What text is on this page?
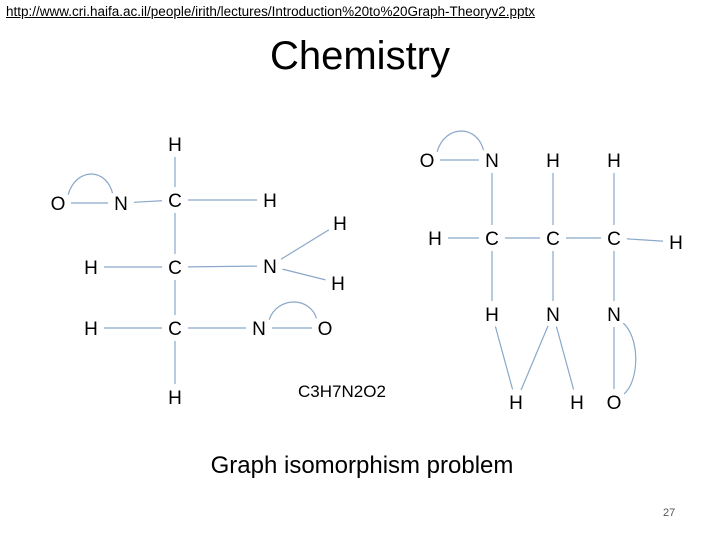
http://www.cri.haifa.ac.il/people/irith/lectures/Introduction%20to%20Graph-Theoryv2.pptx
Chemistry
O	N
H
C	H
H	C	N
H
H
C	N	O
H
H
O	N H H
H C C C	H
H N N
H H O
C3H7N2O2
Graph isomorphism problem
27
